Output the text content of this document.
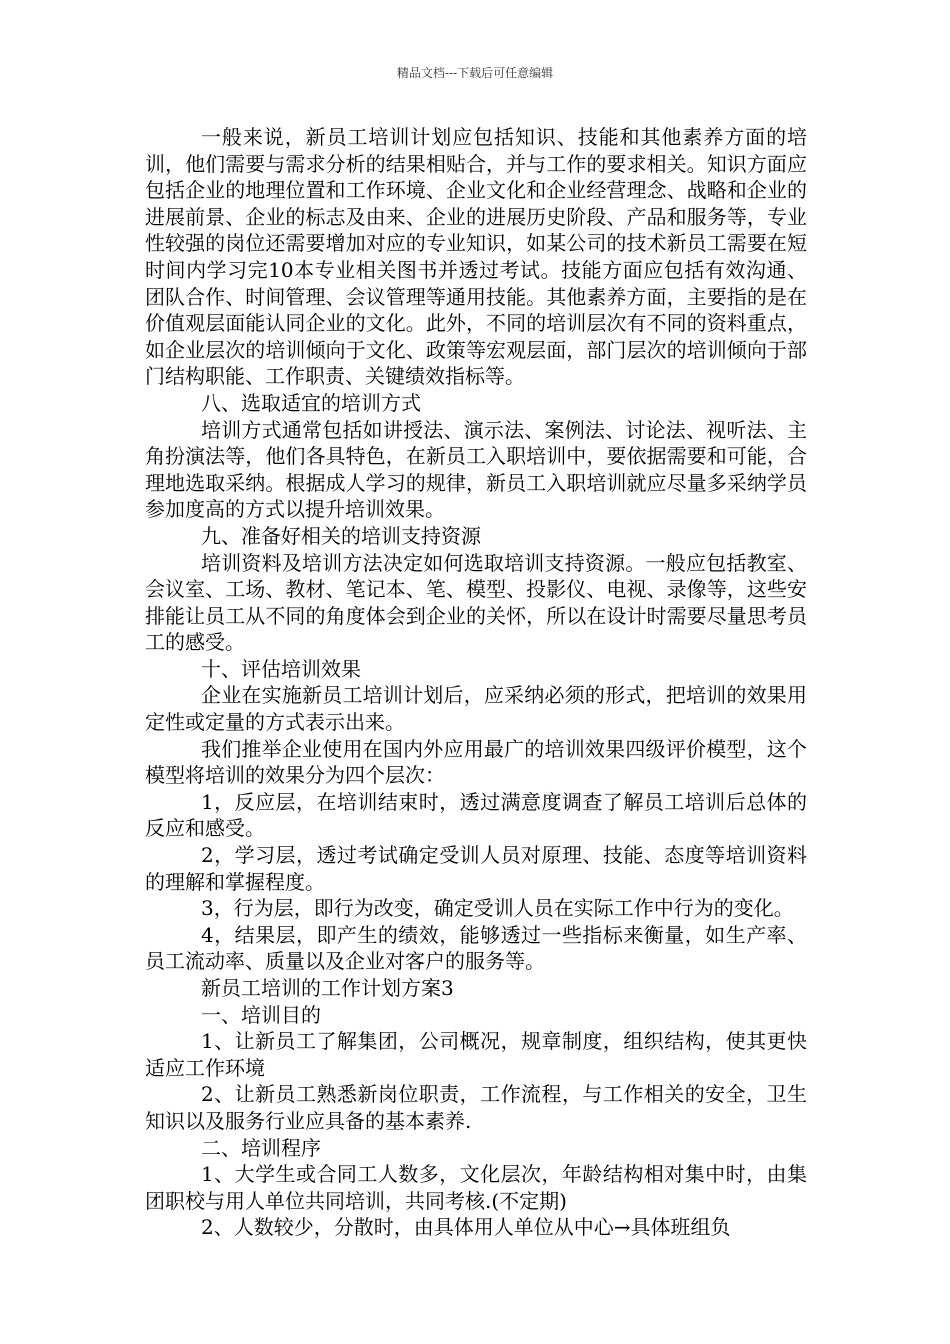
精品文档---下载后可任意编辑

一般来说，新员工培训计划应包括知识、技能和其他素养方面的培训，他们需要与需求分析的结果相贴合，并与工作的要求相关。知识方面应包括企业的地理位置和工作环境、企业文化和企业经营理念、战略和企业的进展前景、企业的标志及由来、企业的进展历史阶段、产品和服务等，专业性较强的岗位还需要增加对应的专业知识，如某公司的技术新员工需要在短时间内学习完10本专业相关图书并透过考试。技能方面应包括有效沟通、团队合作、时间管理、会议管理等通用技能。其他素养方面，主要指的是在价值观层面能认同企业的文化。此外，不同的培训层次有不同的资料重点，如企业层次的培训倾向于文化、政策等宏观层面，部门层次的培训倾向于部门结构职能、工作职责、关键绩效指标等。

八、选取适宜的培训方式

培训方式通常包括如讲授法、演示法、案例法、讨论法、视听法、主角扮演法等，他们各具特色，在新员工入职培训中，要依据需要和可能，合理地选取采纳。根据成人学习的规律，新员工入职培训就应尽量多采纳学员参加度高的方式以提升培训效果。

九、准备好相关的培训支持资源

培训资料及培训方法决定如何选取培训支持资源。一般应包括教室、会议室、工场、教材、笔记本、笔、模型、投影仪、电视、录像等，这些安排能让员工从不同的角度体会到企业的关怀，所以在设计时需要尽量思考员工的感受。

十、评估培训效果

企业在实施新员工培训计划后，应采纳必须的形式，把培训的效果用定性或定量的方式表示出来。

我们推举企业使用在国内外应用最广的培训效果四级评价模型，这个模型将培训的效果分为四个层次：

1，反应层，在培训结束时，透过满意度调查了解员工培训后总体的反应和感受。

2，学习层，透过考试确定受训人员对原理、技能、态度等培训资料的理解和掌握程度。

3，行为层，即行为改变，确定受训人员在实际工作中行为的变化。

4，结果层，即产生的绩效，能够透过一些指标来衡量，如生产率、员工流动率、质量以及企业对客户的服务等。

新员工培训的工作计划方案3

一、培训目的

1、让新员工了解集团，公司概况，规章制度，组织结构，使其更快适应工作环境

2、让新员工熟悉新岗位职责，工作流程，与工作相关的安全，卫生知识以及服务行业应具备的基本素养.

二、培训程序

1、大学生或合同工人数多，文化层次，年龄结构相对集中时，由集团职校与用人单位共同培训，共同考核.(不定期)

2、人数较少，分散时，由具体用人单位从中心→具体班组负
